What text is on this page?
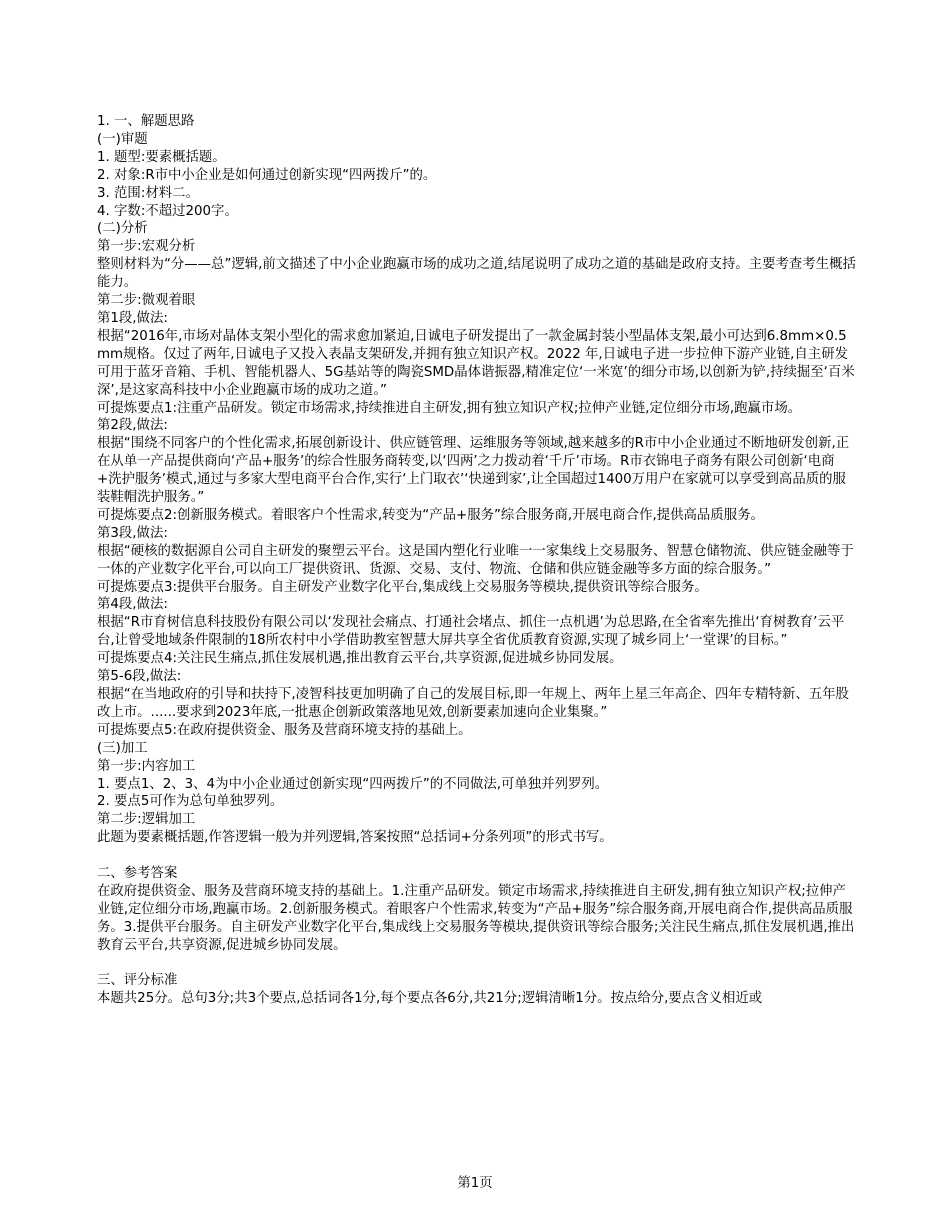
1. 一、解题思路
(一)审题
1. 题型:要素概括题。
2. 对象:R市中小企业是如何通过创新实现“四两拨斤”的。
3. 范围:材料二。
4. 字数:不超过200字。
(二)分析
第一步:宏观分析
整则材料为“分——总”逻辑,前文描述了中小企业跑赢市场的成功之道,结尾说明了成功之道的基础是政府支持。主要考查考生概括能力。
第二步:微观着眼
第1段,做法:
根据“2016年,市场对晶体支架小型化的需求愈加紧迫,日诚电子研发提出了一款金属封装小型晶体支架,最小可达到6.8mm×0.5mm规格。仅过了两年,日诚电子又投入表晶支架研发,并拥有独立知识产权。2022 年,日诚电子进一步拉伸下游产业链,自主研发可用于蓝牙音箱、手机、智能机器人、5G基站等的陶瓷SMD晶体谐振器,精准定位‘一米宽’的细分市场,以创新为铲,持续掘至‘百米深’,是这家高科技中小企业跑赢市场的成功之道。”
可提炼要点1:注重产品研发。锁定市场需求,持续推进自主研发,拥有独立知识产权;拉伸产业链,定位细分市场,跑赢市场。
第2段,做法:
根据“围绕不同客户的个性化需求,拓展创新设计、供应链管理、运维服务等领域,越来越多的R市中小企业通过不断地研发创新,正在从单一产品提供商向‘产品+服务’的综合性服务商转变,以‘四两’之力拨动着‘千斤’市场。R市衣锦电子商务有限公司创新‘电商+洗护服务’模式,通过与多家大型电商平台合作,实行‘上门取衣’‘快递到家’,让全国超过1400万用户在家就可以享受到高品质的服装鞋帽洗护服务。”
可提炼要点2:创新服务模式。着眼客户个性需求,转变为“产品+服务”综合服务商,开展电商合作,提供高品质服务。
第3段,做法:
根据“硬核的数据源自公司自主研发的聚塑云平台。这是国内塑化行业唯一一家集线上交易服务、智慧仓储物流、供应链金融等于一体的产业数字化平台,可以向工厂提供资讯、货源、交易、支付、物流、仓储和供应链金融等多方面的综合服务。”
可提炼要点3:提供平台服务。自主研发产业数字化平台,集成线上交易服务等模块,提供资讯等综合服务。
第4段,做法:
根据“R市育树信息科技股份有限公司以‘发现社会痛点、打通社会堵点、抓住一点机遇’为总思路,在全省率先推出‘育树教育’云平台,让曾受地域条件限制的18所农村中小学借助教室智慧大屏共享全省优质教育资源,实现了城乡同上‘一堂课’的目标。”
可提炼要点4:关注民生痛点,抓住发展机遇,推出教育云平台,共享资源,促进城乡协同发展。
第5-6段,做法:
根据“在当地政府的引导和扶持下,凌智科技更加明确了自己的发展目标,即一年规上、两年上星三年高企、四年专精特新、五年股改上市。......要求到2023年底,一批惠企创新政策落地见效,创新要素加速向企业集聚。”
可提炼要点5:在政府提供资金、服务及营商环境支持的基础上。
(三)加工
第一步:内容加工
1. 要点1、2、3、4为中小企业通过创新实现“四两拨斤”的不同做法,可单独并列罗列。
2. 要点5可作为总句单独罗列。
第二步:逻辑加工
此题为要素概括题,作答逻辑一般为并列逻辑,答案按照“总括词+分条列项”的形式书写。
二、参考答案
在政府提供资金、服务及营商环境支持的基础上。1.注重产品研发。锁定市场需求,持续推进自主研发,拥有独立知识产权;拉伸产业链,定位细分市场,跑赢市场。2.创新服务模式。着眼客户个性需求,转变为“产品+服务”综合服务商,开展电商合作,提供高品质服务。3.提供平台服务。自主研发产业数字化平台,集成线上交易服务等模块,提供资讯等综合服务;关注民生痛点,抓住发展机遇,推出教育云平台,共享资源,促进城乡协同发展。
三、评分标准
本题共25分。总句3分;共3个要点,总括词各1分,每个要点各6分,共21分;逻辑清晰1分。按点给分,要点含义相近或
第1页
